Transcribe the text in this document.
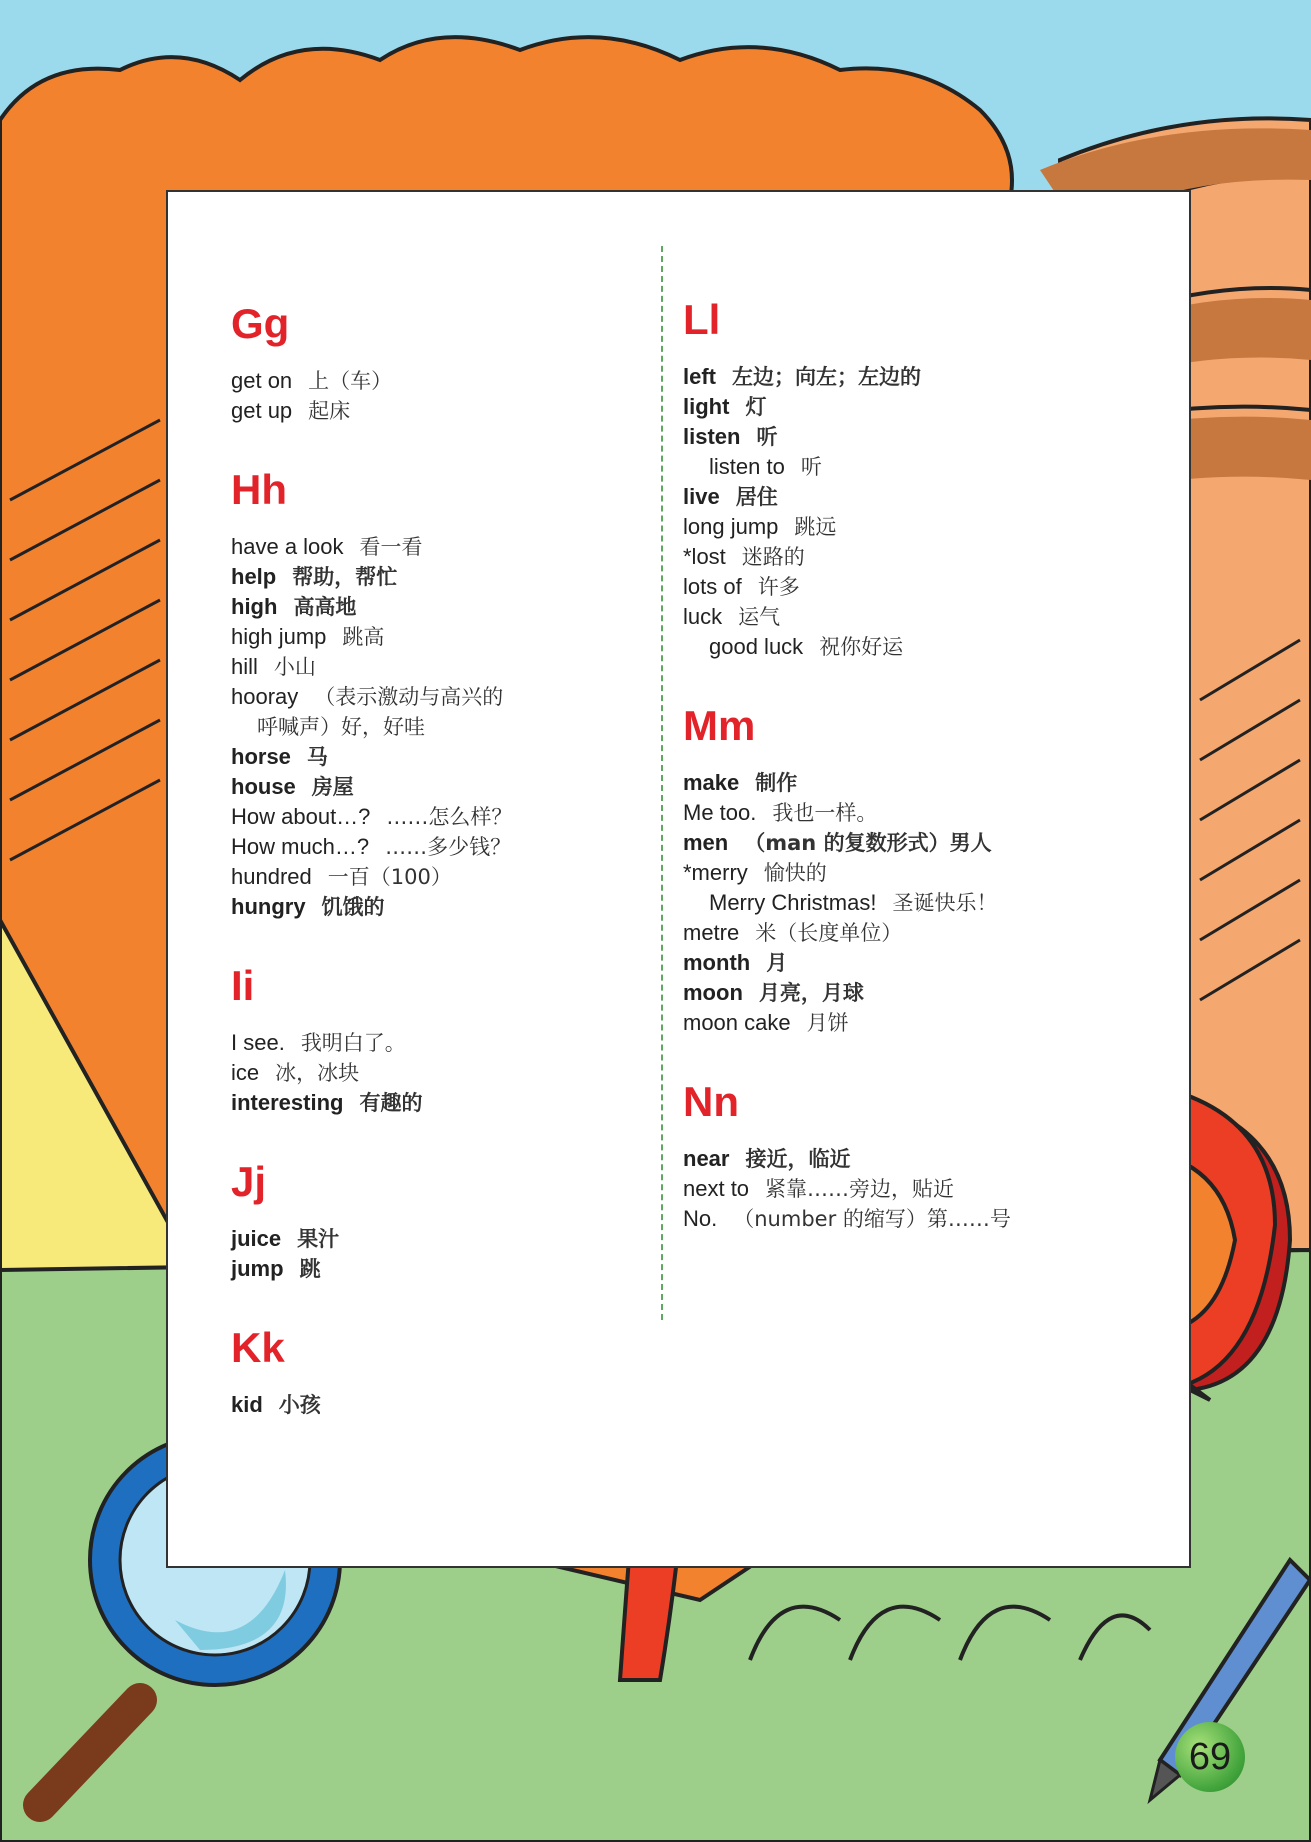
Gg
get on 上（车）
get up 起床
Hh
have a look 看一看
help 帮助，帮忙
high 高高地
high jump 跳高
hill 小山
hooray （表示激动与高兴的
呼喊声）好，好哇
horse 马
house 房屋
How about…? ……怎么样？
How much…? ……多少钱？
hundred 一百（100）
hungry 饥饿的
Ii
I see. 我明白了。
ice 冰，冰块
interesting 有趣的
Jj
juice 果汁
jump 跳
Kk
kid 小孩
Ll
left 左边；向左；左边的
light 灯
listen 听
listen to 听
live 居住
long jump 跳远
*lost 迷路的
lots of 许多
luck 运气
good luck 祝你好运
Mm
make 制作
Me too. 我也一样。
men （man 的复数形式）男人
*merry 愉快的
Merry Christmas! 圣诞快乐！
metre 米（长度单位）
month 月
moon 月亮，月球
moon cake 月饼
Nn
near 接近，临近
next to 紧靠……旁边，贴近
No. （number 的缩写）第……号
69
